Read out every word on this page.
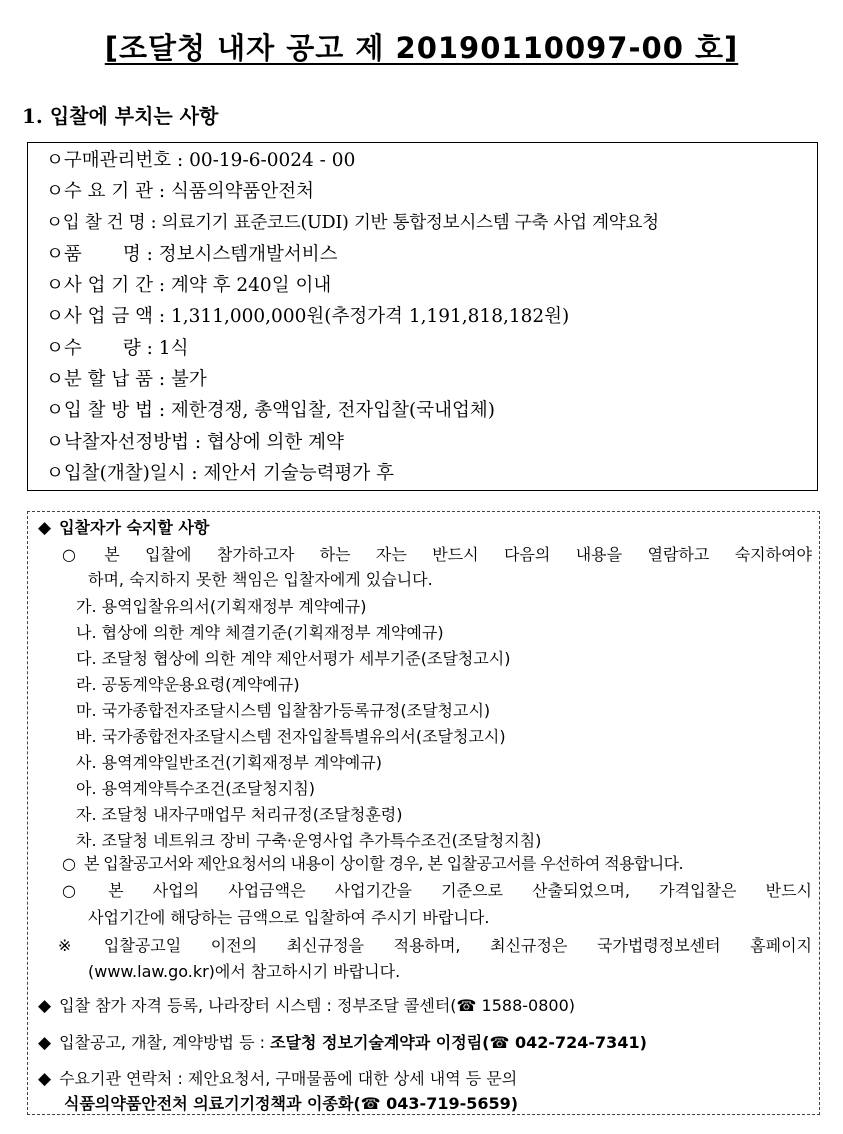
[조달청 내자 공고 제 20190110097-00 호]
1. 입찰에 부치는 사항
ㅇ구매관리번호 : 00-19-6-0024 - 00
ㅇ수 요 기 관 : 식품의약품안전처
ㅇ입 찰 건 명 : 의료기기 표준코드(UDI) 기반 통합정보시스템 구축 사업 계약요청
ㅇ품       명 : 정보시스템개발서비스
ㅇ사 업 기 간 : 계약 후 240일 이내
ㅇ사 업 금 액 : 1,311,000,000원(추정가격 1,191,818,182원)
ㅇ수       량 : 1식
ㅇ분 할 납 품 : 불가
ㅇ입 찰 방 법 : 제한경쟁, 총액입찰, 전자입찰(국내업체)
ㅇ낙찰자선정방법 : 협상에 의한 계약
ㅇ입찰(개찰)일시 : 제안서 기술능력평가 후
◆ 입찰자가 숙지할 사항
○ 본 입찰에 참가하고자 하는 자는 반드시 다음의 내용을 열람하고 숙지하여야
하며, 숙지하지 못한 책임은 입찰자에게 있습니다.
가. 용역입찰유의서(기획재정부 계약예규)
나. 협상에 의한 계약 체결기준(기획재정부 계약예규)
다. 조달청 협상에 의한 계약 제안서평가 세부기준(조달청고시)
라. 공동계약운용요령(계약예규)
마. 국가종합전자조달시스템 입찰참가등록규정(조달청고시)
바. 국가종합전자조달시스템 전자입찰특별유의서(조달청고시)
사. 용역계약일반조건(기획재정부 계약예규)
아. 용역계약특수조건(조달청지침)
자. 조달청 내자구매업무 처리규정(조달청훈령)
차. 조달청 네트워크 장비 구축·운영사업 추가특수조건(조달청지침)
○ 본 입찰공고서와 제안요청서의 내용이 상이할 경우, 본 입찰공고서를 우선하여 적용합니다.
○ 본 사업의 사업금액은 사업기간을 기준으로 산출되었으며, 가격입찰은 반드시
사업기간에 해당하는 금액으로 입찰하여 주시기 바랍니다.
※ 입찰공고일 이전의 최신규정을 적용하며, 최신규정은 국가법령정보센터 홈페이지
(www.law.go.kr)에서 참고하시기 바랍니다.
◆ 입찰 참가 자격 등록, 나라장터 시스템 : 정부조달 콜센터(☎ 1588-0800)
◆ 입찰공고, 개찰, 계약방법 등 : 조달청 정보기술계약과 이정림(☎ 042-724-7341)
◆ 수요기관 연락처 : 제안요청서, 구매물품에 대한 상세 내역 등 문의
식품의약품안전처 의료기기정책과 이종화(☎ 043-719-5659)
